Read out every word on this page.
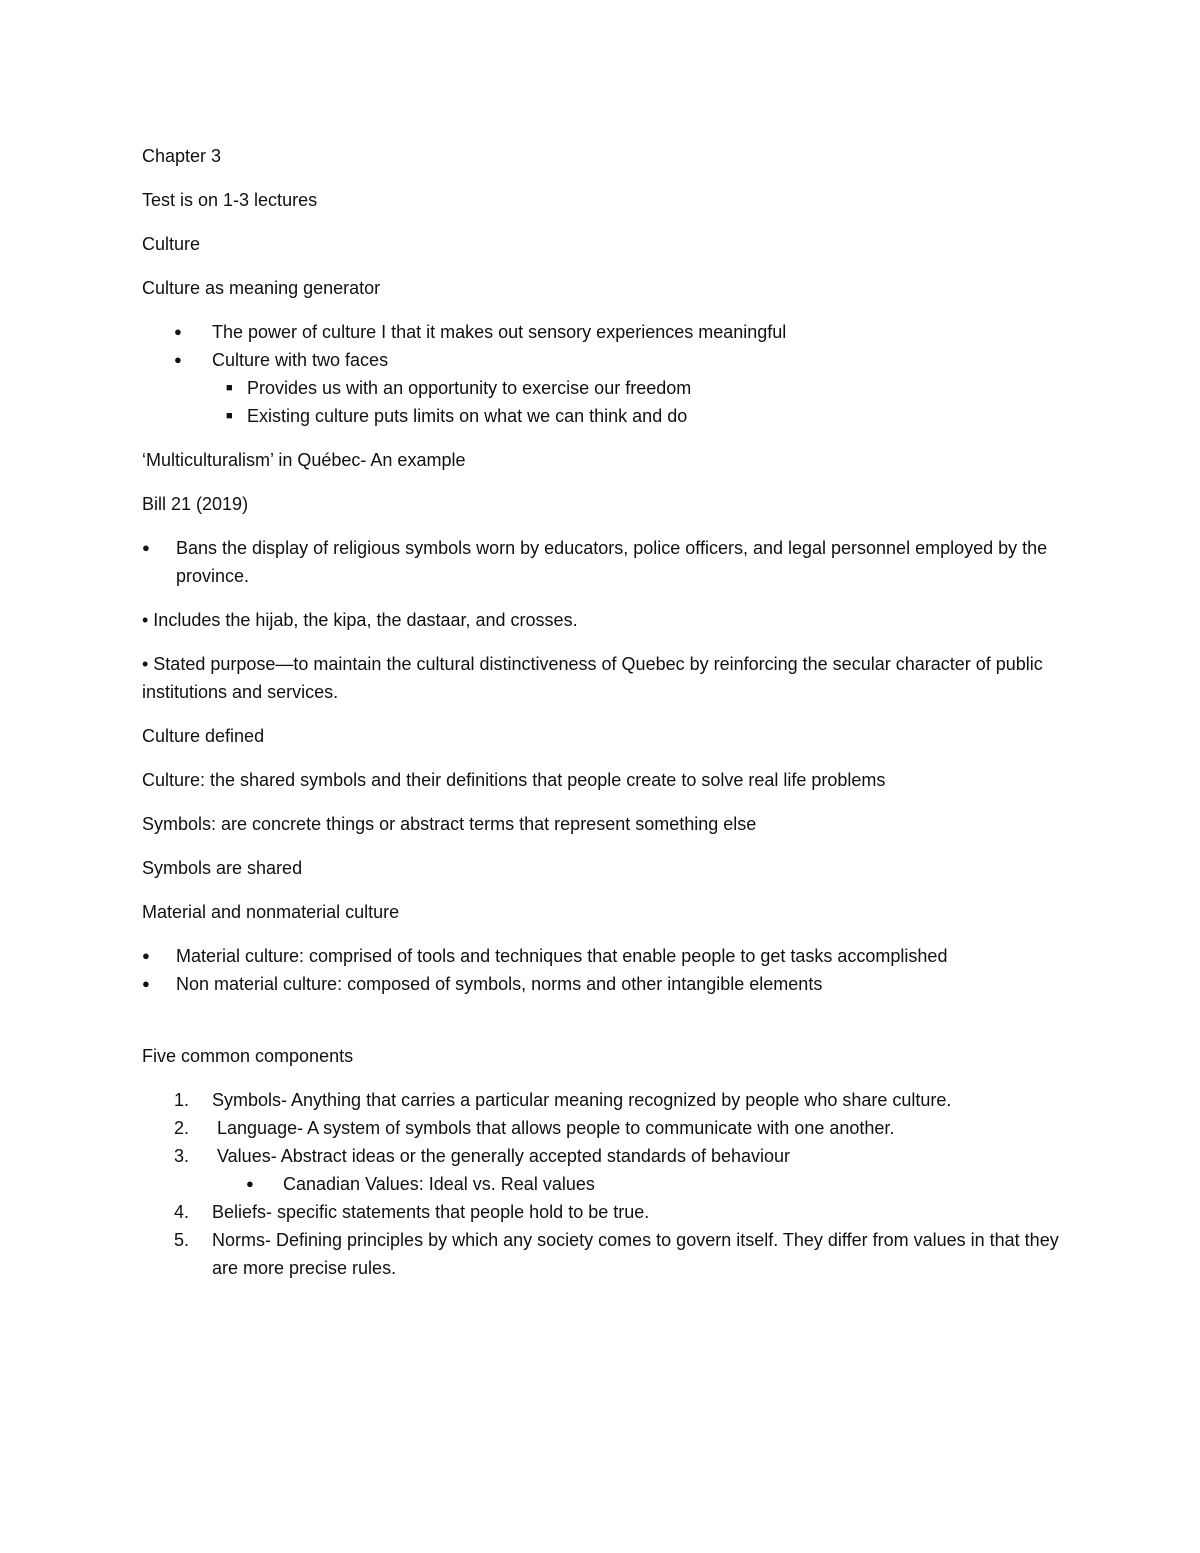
Chapter 3

Test is on 1-3 lectures

Culture

Culture as meaning generator

● The power of culture I that it makes out sensory experiences meaningful
● Culture with two faces
■ Provides us with an opportunity to exercise our freedom
■ Existing culture puts limits on what we can think and do

‘Multiculturalism’ in Québec- An example

Bill 21 (2019)

● Bans the display of religious symbols worn by educators, police officers, and legal personnel employed by the province.

• Includes the hijab, the kipa, the dastaar, and crosses.

• Stated purpose—to maintain the cultural distinctiveness of Quebec by reinforcing the secular character of public institutions and services.

Culture defined

Culture: the shared symbols and their definitions that people create to solve real life problems

Symbols: are concrete things or abstract terms that represent something else

Symbols are shared

Material and nonmaterial culture

● Material culture: comprised of tools and techniques that enable people to get tasks accomplished
● Non material culture: composed of symbols, norms and other intangible elements

Five common components

1. Symbols- Anything that carries a particular meaning recognized by people who share culture.
2. Language- A system of symbols that allows people to communicate with one another.
3. Values- Abstract ideas or the generally accepted standards of behaviour
● Canadian Values: Ideal vs. Real values
4. Beliefs- specific statements that people hold to be true.
5. Norms- Defining principles by which any society comes to govern itself. They differ from values in that they are more precise rules.
